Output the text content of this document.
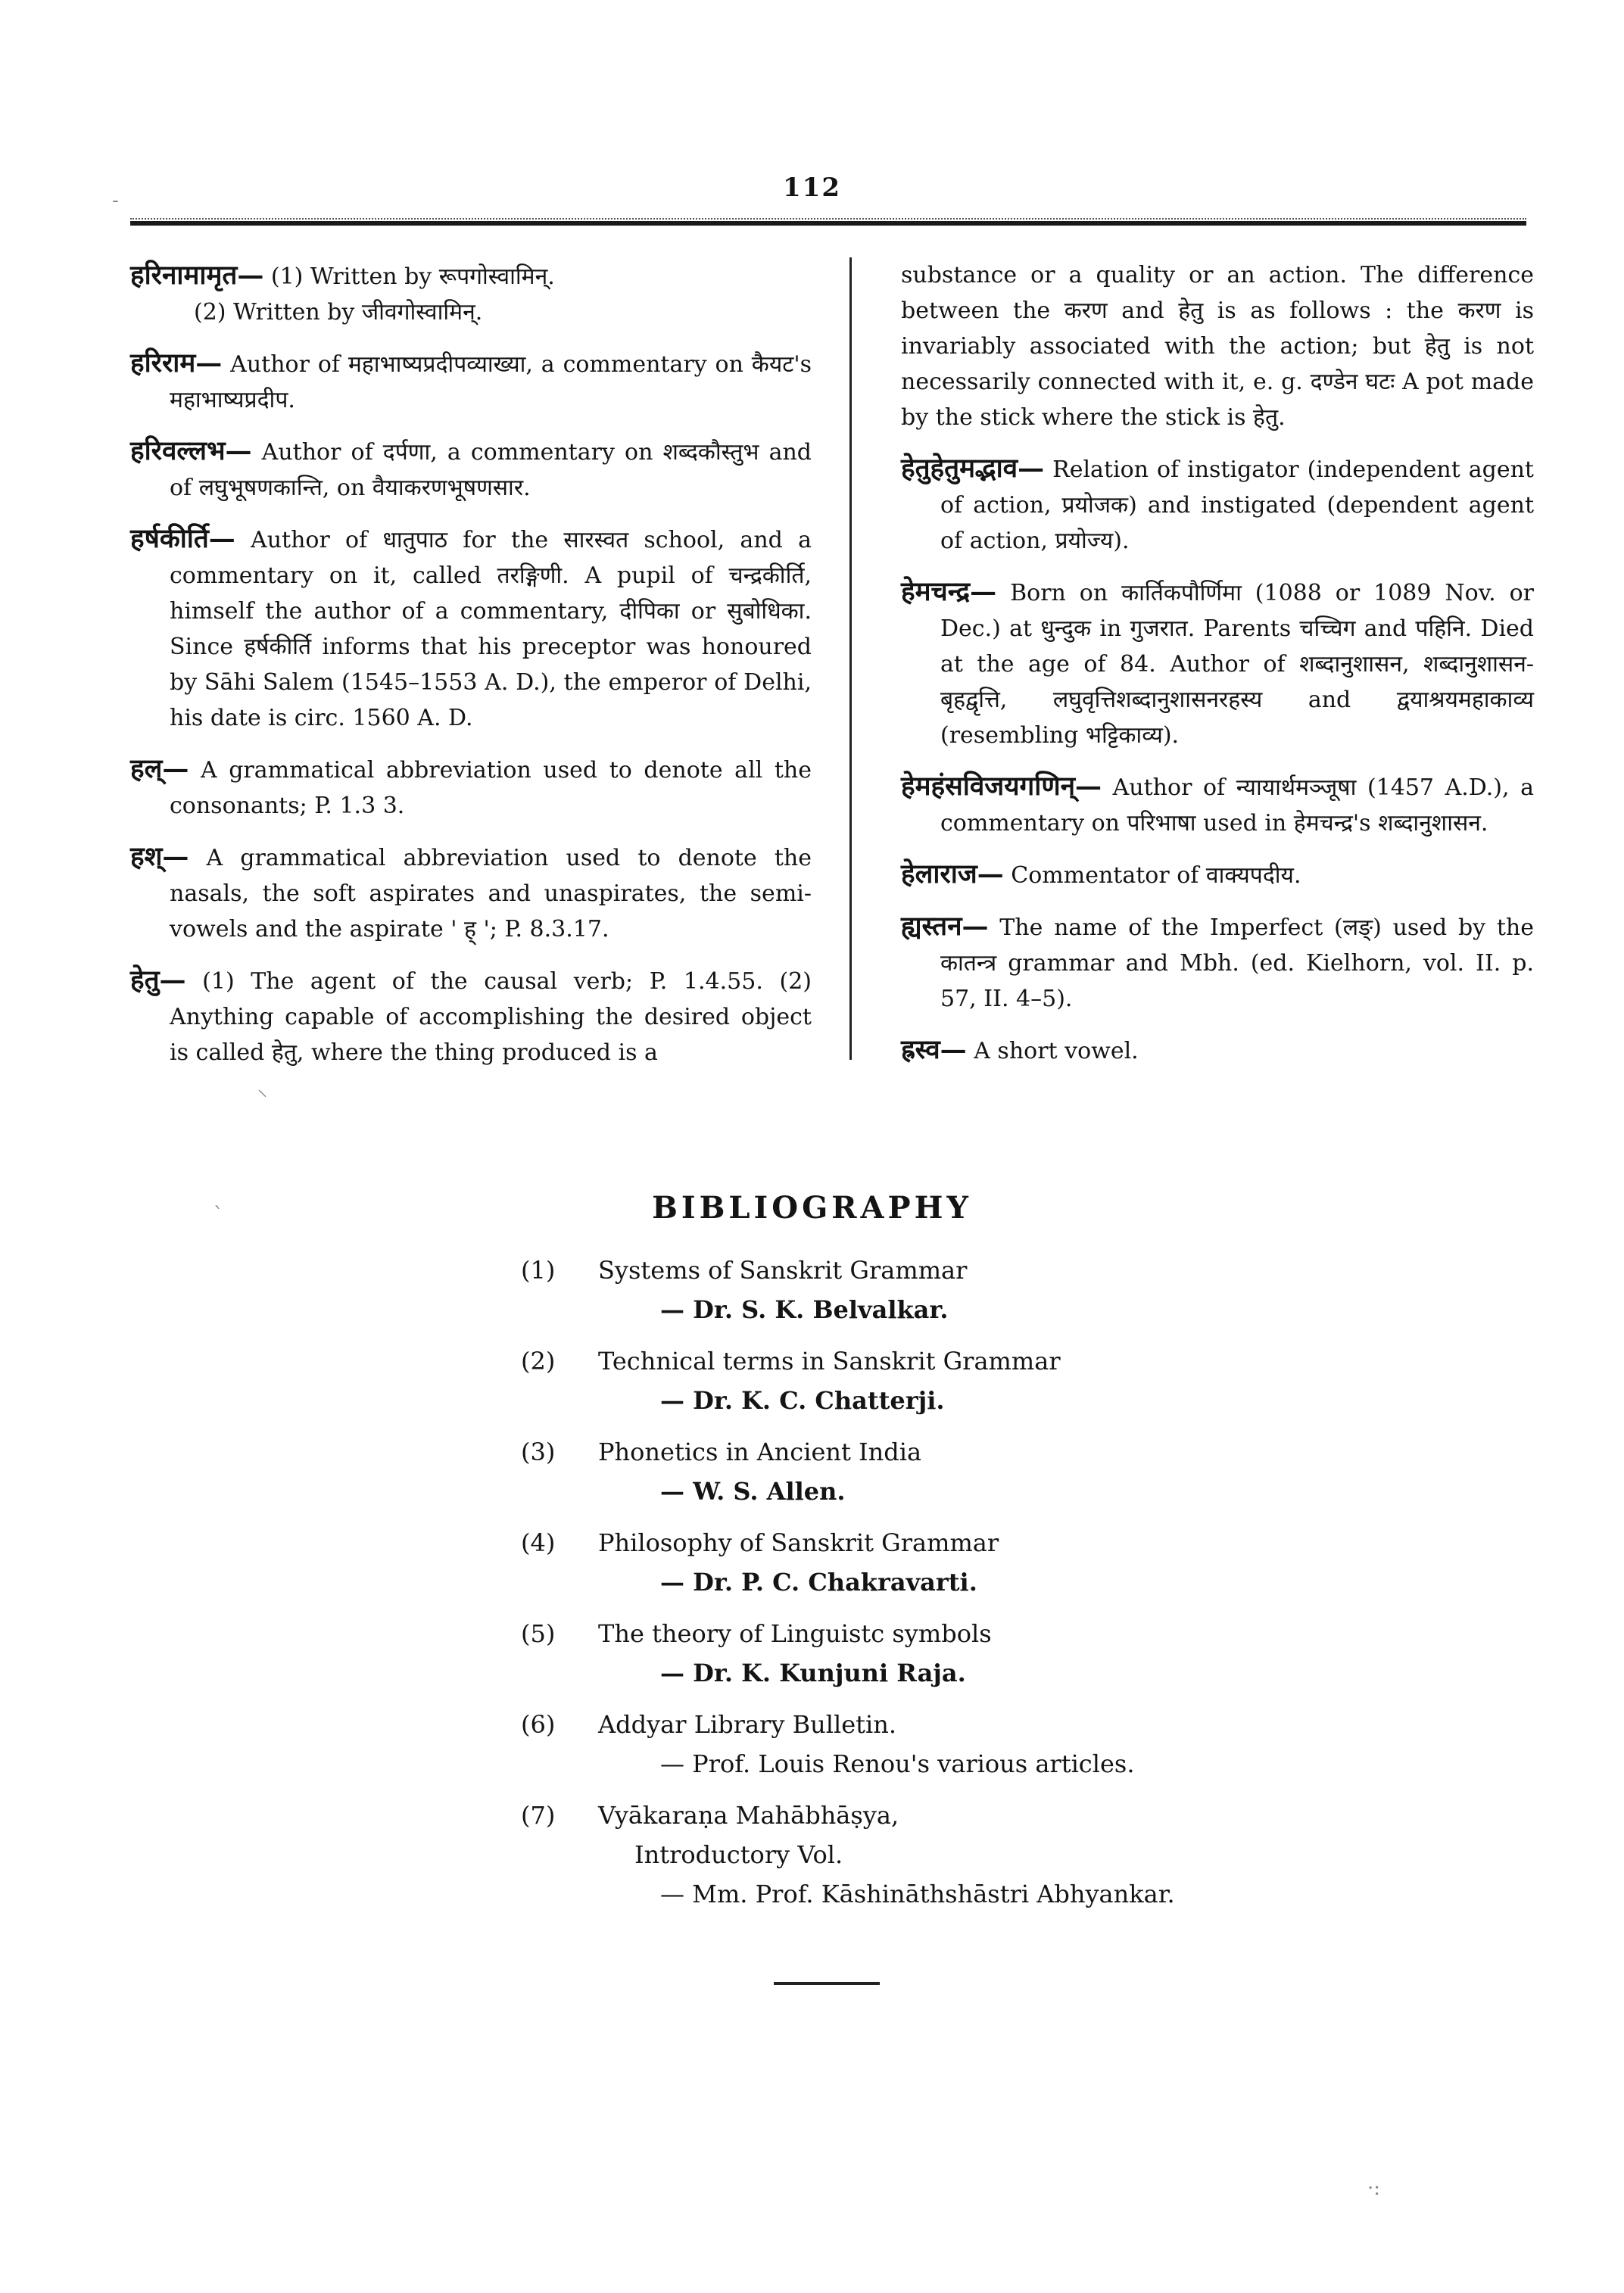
112
हरिनामामृत— (1) Written by रूपगोस्वामिन्.
(2) Written by जीवगोस्वामिन्.
हरिराम— Author of महाभाष्यप्रदीपव्याख्या, a commentary on कैयट's महाभाष्यप्रदीप.
हरिवल्लभ— Author of दर्पणा, a commentary on शब्दकौस्तुभ and of लघुभूषणकान्ति, on वैयाकरणभूषणसार.
हर्षकीर्ति— Author of धातुपाठ for the सारस्वत school, and a commentary on it, called तरङ्गिणी. A pupil of चन्द्रकीर्ति, himself the author of a commentary, दीपिका or सुबोधिका. Since हर्षकीर्ति informs that his preceptor was honoured by Sāhi Salem (1545–1553 A. D.), the emperor of Delhi, his date is circ. 1560 A. D.
हल्— A grammatical abbreviation used to denote all the consonants; P. 1.3 3.
हश्— A grammatical abbreviation used to denote the nasals, the soft aspirates and unaspirates, the semi-vowels and the aspirate ' ह् '; P. 8.3.17.
हेतु— (1) The agent of the causal verb; P. 1.4.55. (2) Anything capable of accomplishing the desired object is called हेतु, where the thing produced is a
substance or a quality or an action. The difference between the करण and हेतु is as follows : the करण is invariably associated with the action; but हेतु is not necessarily connected with it, e. g. दण्डेन घटः A pot made by the stick where the stick is हेतु.
हेतुहेतुमद्भाव— Relation of instigator (independent agent of action, प्रयोजक) and instigated (dependent agent of action, प्रयोज्य).
हेमचन्द्र— Born on कार्तिकपौर्णिमा (1088 or 1089 Nov. or Dec.) at धुन्दुक in गुजरात. Parents चच्चिग and पहिनि. Died at the age of 84. Author of शब्दानुशासन, शब्दानुशासन-बृहद्वृत्ति, लघुवृत्तिशब्दानुशासनरहस्य and द्वयाश्रयमहाकाव्य (resembling भट्टिकाव्य).
हेमहंसविजयगणिन्— Author of न्यायार्थमञ्जूषा (1457 A.D.), a commentary on परिभाषा used in हेमचन्द्र's शब्दानुशासन.
हेलाराज— Commentator of वाक्यपदीय.
ह्यस्तन— The name of the Imperfect (लङ्) used by the कातन्त्र grammar and Mbh. (ed. Kielhorn, vol. II. p. 57, II. 4–5).
ह्रस्व— A short vowel.
BIBLIOGRAPHY
(1) Systems of Sanskrit Grammar
— Dr. S. K. Belvalkar.
(2) Technical terms in Sanskrit Grammar
— Dr. K. C. Chatterji.
(3) Phonetics in Ancient India
— W. S. Allen.
(4) Philosophy of Sanskrit Grammar
— Dr. P. C. Chakravarti.
(5) The theory of Linguistc symbols
— Dr. K. Kunjuni Raja.
(6) Addyar Library Bulletin.
— Prof. Louis Renou's various articles.
(7) Vyākaraṇa Mahābhāṣya,
Introductory Vol.
— Mm. Prof. Kāshināthshāstri Abhyankar.
-
⸌
ˋ
·:
